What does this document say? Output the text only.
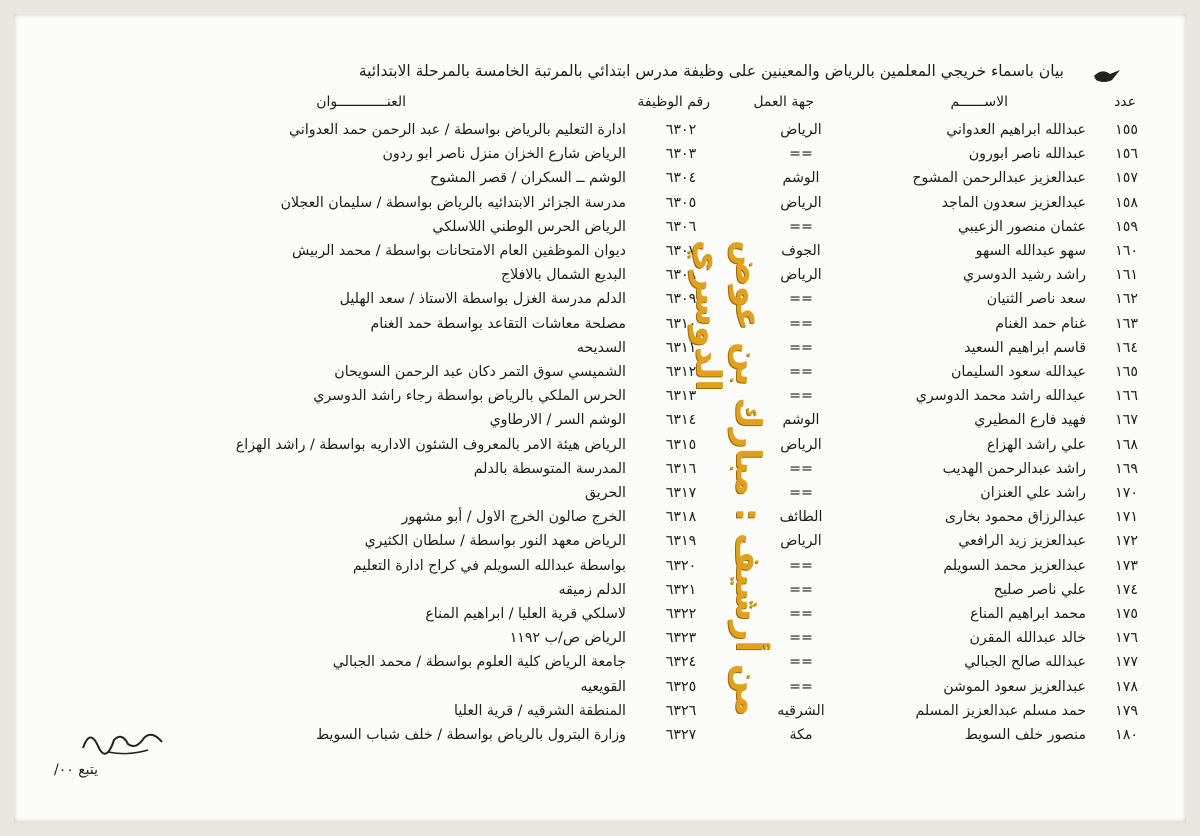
بيان باسماء خريجي المعلمين بالرياض والمعينين على وظيفة مدرس ابتدائي بالمرتبة الخامسة بالمرحلة الابتدائية
عدد
الاســــــم
جهة العمل
رقم الوظيفة
العنــــــــــــوان
١٥٥
عبدالله ابراهيم العدواني
الرياض
٦٣٠٢
ادارة التعليم بالرياض بواسطة / عبد الرحمن حمد العدواني
١٥٦
عبدالله ناصر ابورون
==
٦٣٠٣
الرياض شارع الخزان منزل ناصر ابو ردون
١٥٧
عبدالعزيز عبدالرحمن المشوح
الوشم
٦٣٠٤
الوشم ــ السكران / قصر المشوح
١٥٨
عبدالعزيز سعدون الماجد
الرياض
٦٣٠٥
مدرسة الجزائر الابتدائيه بالرياض بواسطة / سليمان العجلان
١٥٩
عثمان منصور الزعيبي
==
٦٣٠٦
الرياض الحرس الوطني اللاسلكي
١٦٠
سهو عبدالله السهو
الجوف
٦٣٠٧
ديوان الموظفين العام الامتحانات بواسطة / محمد الربيش
١٦١
راشد رشيد الدوسري
الرياض
٦٣٠٨
البديع الشمال بالافلاج
١٦٢
سعد ناصر الثنيان
==
٦٣٠٩
الدلم مدرسة الغزل بواسطة الاستاذ / سعد الهليل
١٦٣
غنام حمد الغنام
==
٦٣١٠
مصلحة معاشات التقاعد بواسطة حمد الغنام
١٦٤
قاسم ابراهيم السعيد
==
٦٣١١
السديحه
١٦٥
عبدالله سعود السليمان
==
٦٣١٢
الشميسي سوق التمر دكان عبد الرحمن السويحان
١٦٦
عبدالله راشد محمد الدوسري
==
٦٣١٣
الحرس الملكي بالرياض بواسطة رجاء راشد الدوسري
١٦٧
فهيد فارع المطيري
الوشم
٦٣١٤
الوشم السر / الارطاوي
١٦٨
علي راشد الهزاع
الرياض
٦٣١٥
الرياض هيئة الامر بالمعروف الشئون الاداريه بواسطة / راشد الهزاع
١٦٩
راشد عبدالرحمن الهديب
==
٦٣١٦
المدرسة المتوسطة بالدلم
١٧٠
راشد علي العنزان
==
٦٣١٧
الحريق
١٧١
عبدالرزاق محمود بخارى
الطائف
٦٣١٨
الخرج صالون الخرج الاول / أبو مشهور
١٧٢
عبدالعزيز زيد الرافعي
الرياض
٦٣١٩
الرياض معهد النور بواسطة / سلطان الكثيري
١٧٣
عبدالعزيز محمد السويلم
==
٦٣٢٠
بواسطة عبدالله السويلم في كراج ادارة التعليم
١٧٤
علي ناصر صليح
==
٦٣٢١
الدلم زميقه
١٧٥
محمد ابراهيم المناع
==
٦٣٢٢
لاسلكي قرية العليا / ابراهيم المناع
١٧٦
خالد عبدالله المقرن
==
٦٣٢٣
الرياض ص/ب ١١٩٢
١٧٧
عبدالله صالح الجبالي
==
٦٣٢٤
جامعة الرياض كلية العلوم بواسطة / محمد الجبالي
١٧٨
عبدالعزيز سعود الموشن
==
٦٣٢٥
القويعيه
١٧٩
حمد مسلم عبدالعزيز المسلم
الشرقيه
٦٣٢٦
المنطقة الشرقيه / قرية العليا
١٨٠
منصور خلف السويط
مكة
٦٣٢٧
وزارة البترول بالرياض بواسطة / خلف شباب السويط
من أرشيف : مبارك بن عوض الدوسري
يتبع ٠٠/
